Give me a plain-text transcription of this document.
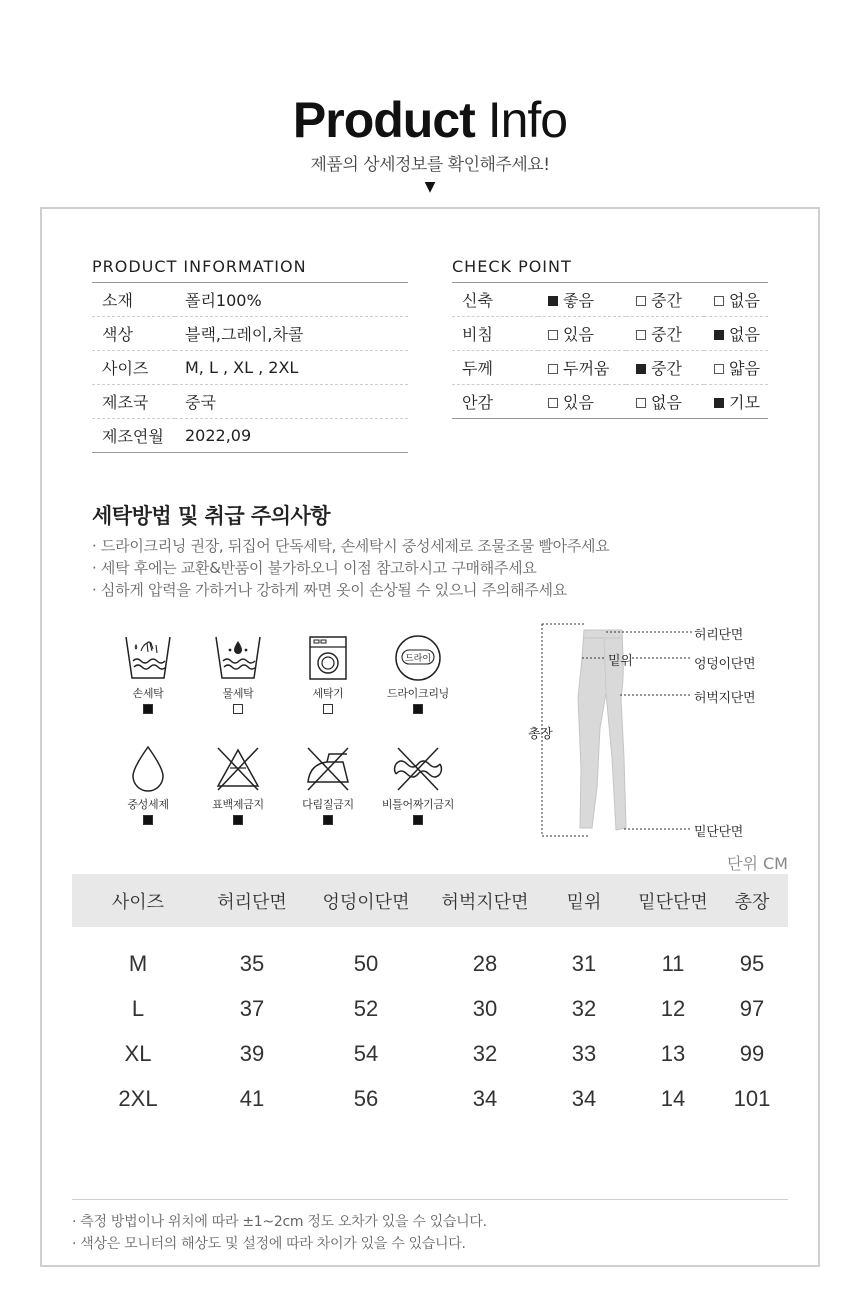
Product Info
제품의 상세정보를 확인해주세요!
▼
PRODUCT INFORMATION
소재	폴리100%
색상	블랙,그레이,차콜
사이즈	M, L , XL , 2XL
제조국	중국
제조연월	2022,09
CHECK POINT
신축	좋음	중간	없음
비침	있음	중간	없음
두께	두꺼움	중간	얇음
안감	있음	없음	기모
세탁방법 및 취급 주의사항
· 드라이크리닝 권장, 뒤집어 단독세탁, 손세탁시 중성세제로 조물조물 빨아주세요
· 세탁 후에는 교환&반품이 불가하오니 이점 참고하시고 구매해주세요
· 심하게 압력을 가하거나 강하게 짜면 옷이 손상될 수 있으니 주의해주세요
손세탁	물세탁	세탁기
드라이
드라이크리닝
중성세제	표백제금지	다림질금지	비틀어짜기금지
허리단면
밑위	엉덩이단면
허벅지단면
총장
밑단단면
단위 CM
사이즈	허리단면	엉덩이단면	허벅지단면	밑위	밑단단면	총장
M	35	50	28	31	11	95
L	37	52	30	32	12	97
XL	39	54	32	33	13	99
2XL	41	56	34	34	14	101
· 측정 방법이나 위치에 따라 ±1~2cm 정도 오차가 있을 수 있습니다.
· 색상은 모니터의 해상도 및 설정에 따라 차이가 있을 수 있습니다.
